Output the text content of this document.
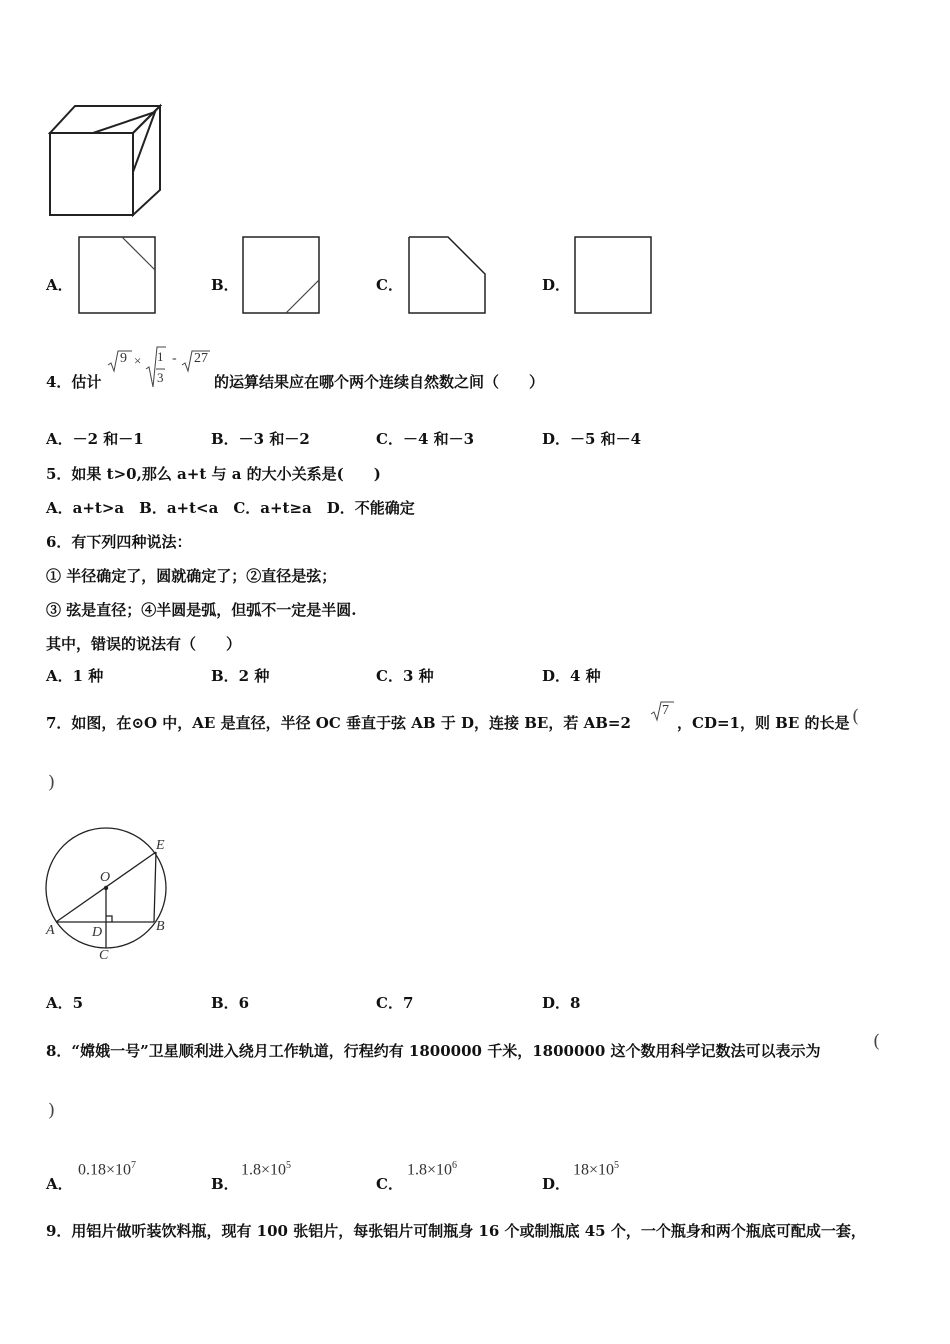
A．	B．	C．	D．
4．估计
9 × 1
3
- 27
的运算结果应在哪个两个连续自然数之间（　　）
A．－2 和－1	B．－3 和－2	C．－4 和－3	D．－5 和－4
5．如果 t>0,那么 a+t 与 a 的大小关系是(　　)
A．a+t>a　B．a+t<a　C．a+t≥a　D．不能确定
6．有下列四种说法：
① 半径确定了，圆就确定了；②直径是弦；
③ 弦是直径；④半圆是弧，但弧不一定是半圆.
其中，错误的说法有（　　）
A．1 种	B．2 种	C．3 种	D．4 种
7．如图，在⊙O 中，AE 是直径，半径 OC 垂直于弦 AB 于 D，连接 BE，若 AB=2
7
，CD=1，则 BE 的长是 (
)
O
E
A	D	B
C
A．5	B．6	C．7	D．8
8．“嫦娥一号”卫星顺利进入绕月工作轨道，行程约有 1800000 千米，1800000 这个数用科学记数法可以表示为	(
)
A．
$0.18\times 10^7$
B．
$1.8\times 10^5$
C．
$1.8\times 10^6$
D．
$18\times 10^5$
9．用铝片做听装饮料瓶，现有 100 张铝片，每张铝片可制瓶身 16 个或制瓶底 45 个，一个瓶身和两个瓶底可配成一套，
